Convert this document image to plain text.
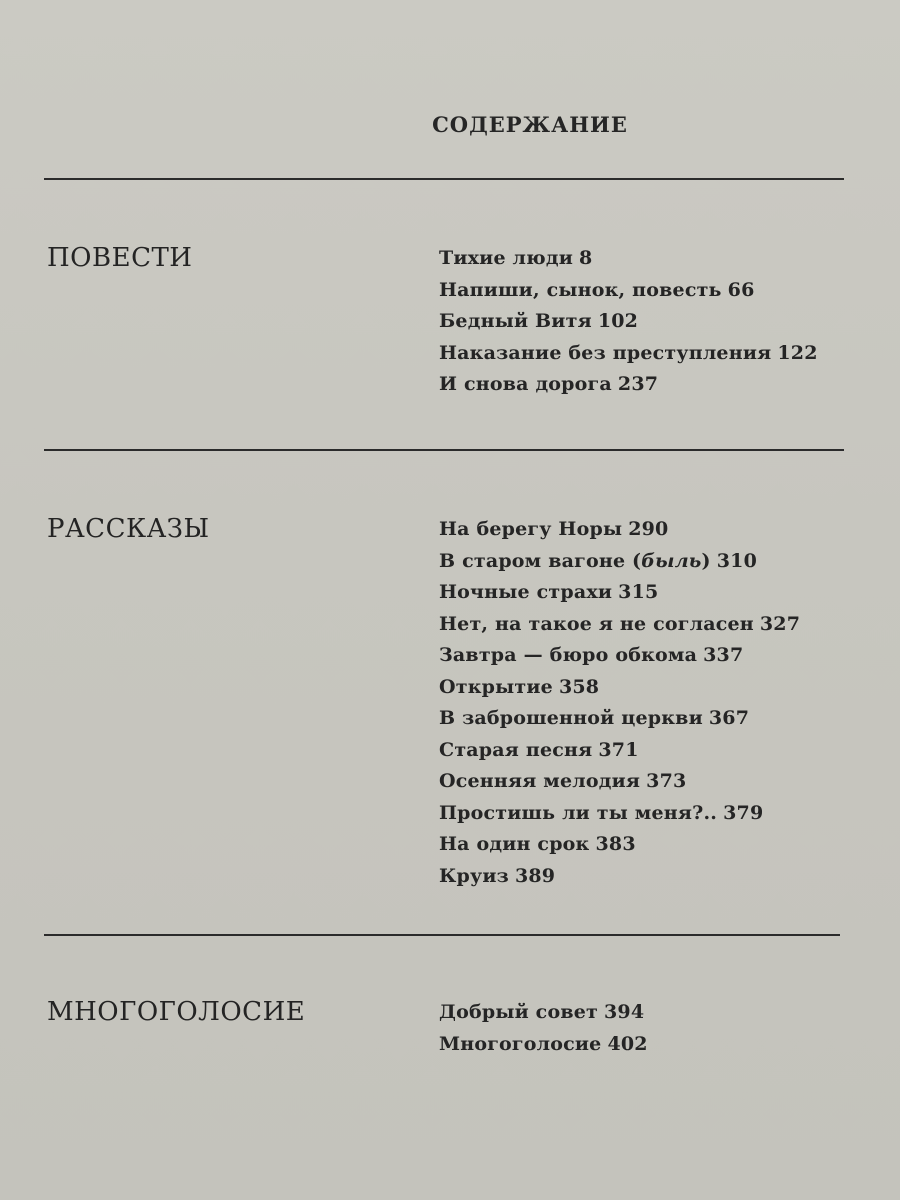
СОДЕРЖАНИЕ
ПОВЕСТИ	Тихие люди 8
Напиши, сынок, повесть 66
Бедный Витя 102
Наказание без преступления 122
И снова дорога 237
РАССКАЗЫ	На берегу Норы 290
В старом вагоне (быль) 310
Ночные страхи 315
Нет, на такое я не согласен 327
Завтра — бюро обкома 337
Открытие 358
В заброшенной церкви 367
Старая песня 371
Осенняя мелодия 373
Простишь ли ты меня?.. 379
На один срок 383
Круиз 389
МНОГОГОЛОСИЕ	Добрый совет 394
Многоголосие 402
